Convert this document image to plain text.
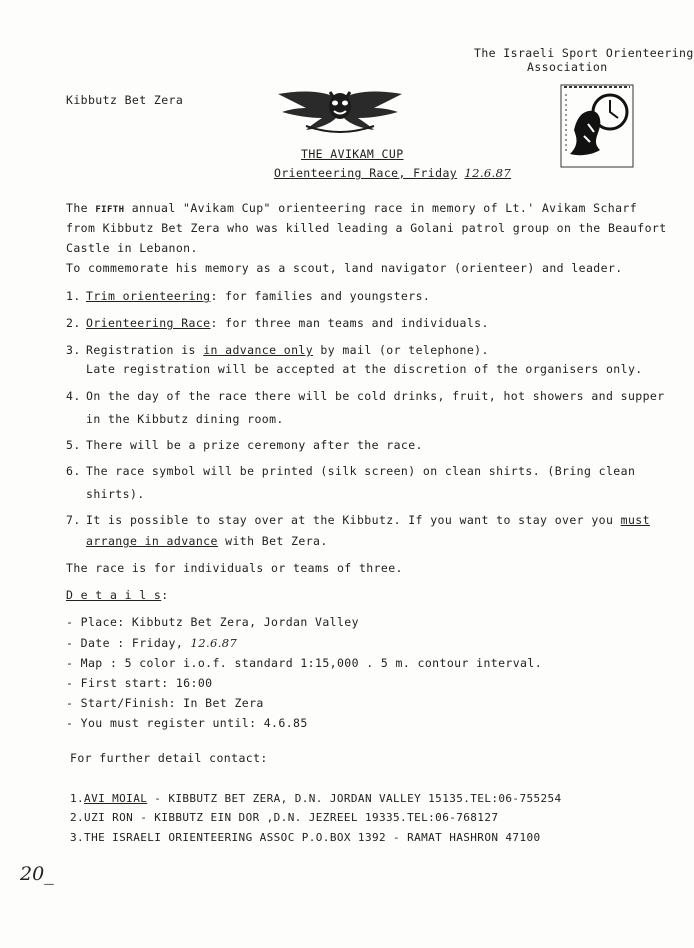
The Israeli Sport Orienteering
Association
Kibbutz Bet Zera
THE AVIKAM CUP
Orienteering Race, Friday 12.6.87
The FIFTH annual "Avikam Cup" orienteering race in memory of Lt.' Avikam Scharf
from Kibbutz Bet Zera who was killed leading a Golani patrol group on the Beaufort
Castle in Lebanon.
To commemorate his memory as a scout, land navigator (orienteer) and leader.
1. Trim orienteering: for families and youngsters.
2. Orienteering Race: for three man teams and individuals.
3. Registration is in advance only by mail (or telephone).
Late registration will be accepted at the discretion of the organisers only.
4. On the day of the race there will be cold drinks, fruit, hot showers and supper
in the Kibbutz dining room.
5. There will be a prize ceremony after the race.
6. The race symbol will be printed (silk screen) on clean shirts. (Bring clean
shirts).
7. It is possible to stay over at the Kibbutz. If you want to stay over you must
arrange in advance with Bet Zera.
The race is for individuals or teams of three.
D e t a i l s:
- Place: Kibbutz Bet Zera, Jordan Valley
- Date : Friday, 12.6.87
- Map : 5 color i.o.f. standard 1:15,000 . 5 m. contour interval.
- First start: 16:00
- Start/Finish: In Bet Zera
- You must register until: 4.6.85
For further detail contact:
1.AVI MOIAL - KIBBUTZ BET ZERA, D.N. JORDAN VALLEY 15135.TEL:06-755254
2.UZI RON - KIBBUTZ EIN DOR ,D.N. JEZREEL 19335.TEL:06-768127
3.THE ISRAELI ORIENTEERING ASSOC P.O.BOX 1392 - RAMAT HASHRON 47100
20_
